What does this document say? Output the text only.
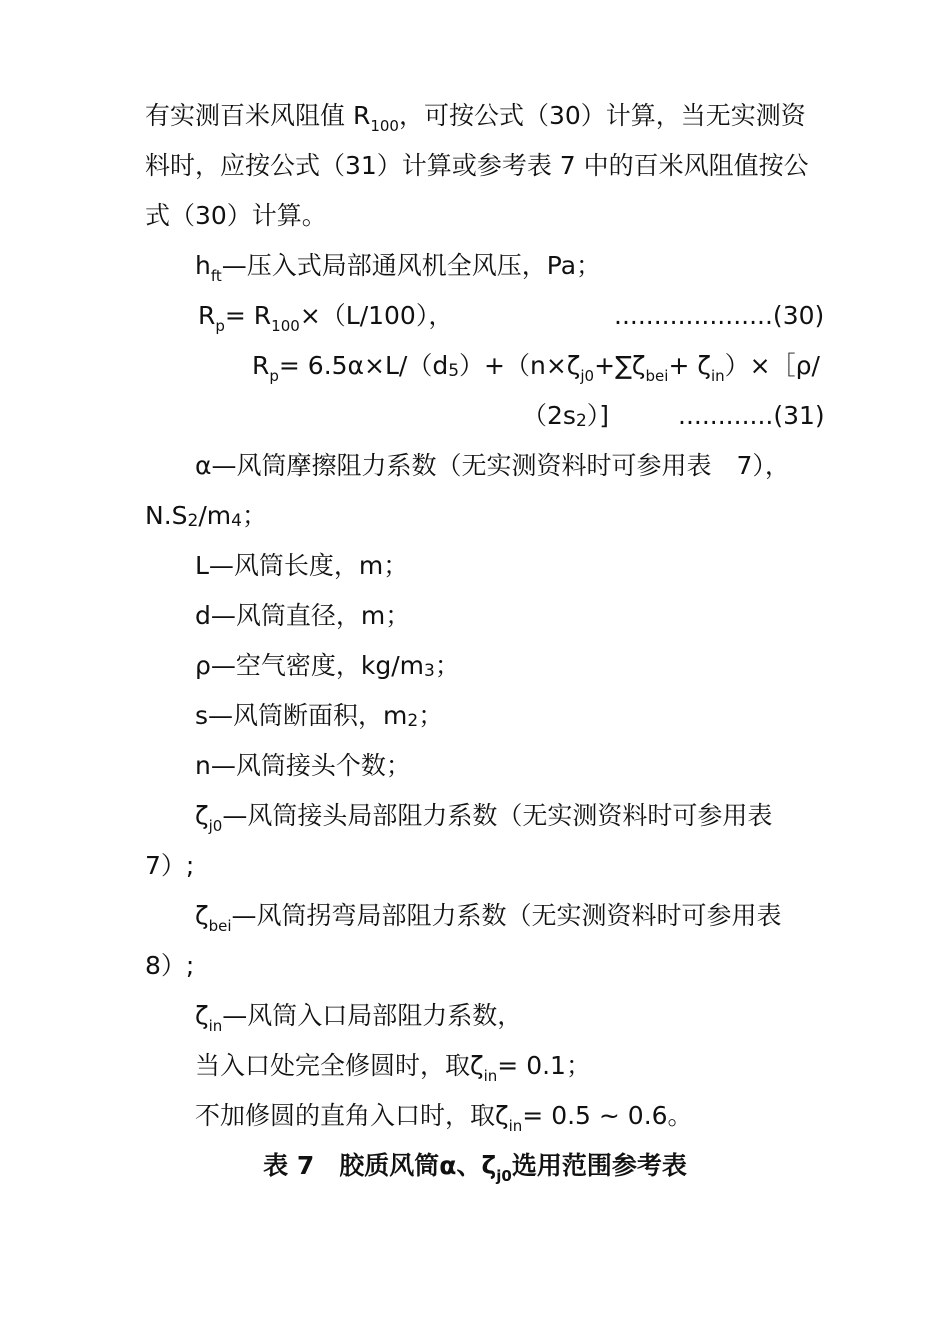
有实测百米风阻值 $R_{100}$，可按公式（30）计算，当无实测资
料时，应按公式（31）计算或参考表 7 中的百米风阻值按公
式（30）计算。
$h_{ft}—$压入式局部通风机全风压，Pa；
$R_p= R_{100}\times(L/100)$，	....................(30)
$R_p= 6.5\alpha\times L/(d5)+(n\times\zeta_{j0}+\sum\zeta_{bei}+$ $\zeta_{in})\times[\rho/$
（2s2）]	............(31)
α—风筒摩擦阻力系数（无实测资料时可参用表　7），
N.S2/m4；
L—风筒长度，m；
d—风筒直径，m；
ρ—空气密度，kg/m3；
s—风筒断面积，m2；
n—风筒接头个数；
$\zeta_{j0}—$风筒接头局部阻力系数（无实测资料时可参用表
7）;
$\zeta_{bei}—$风筒拐弯局部阻力系数（无实测资料时可参用表
8）;
$\zeta_{in}—$风筒入口局部阻力系数，
当入口处完全修圆时，取$\zeta_{in}= 0.1$；
不加修圆的直角入口时，取$\zeta_{in}= 0.5$ ~ 0.6。
表 7　胶质风筒α、$\zeta_{j0}$选用范围参考表
